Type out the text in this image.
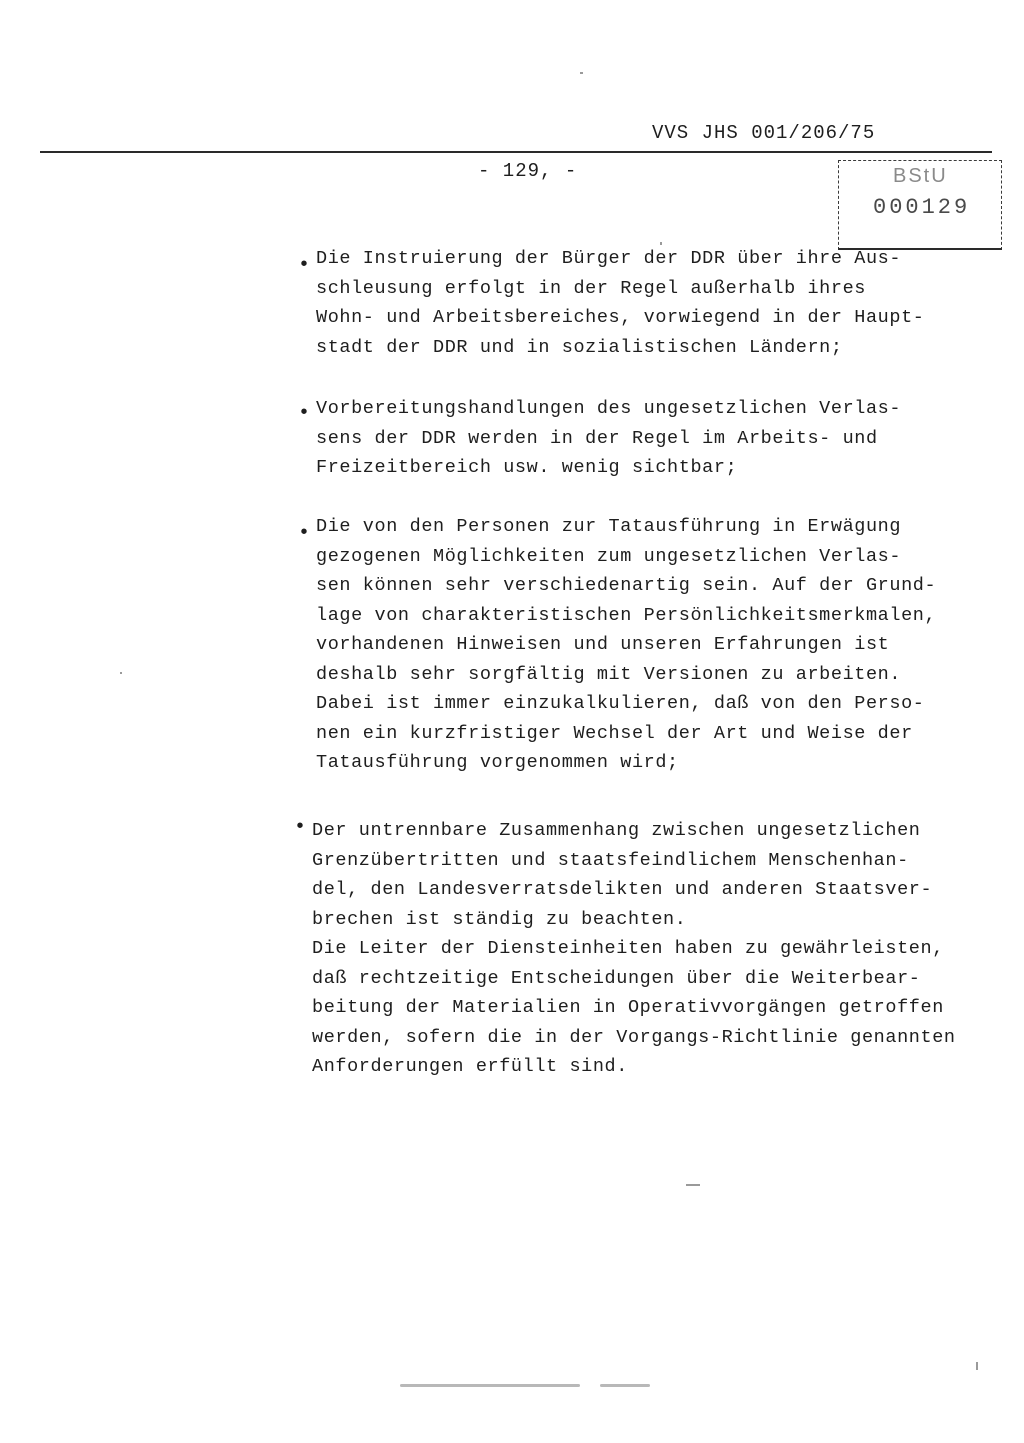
VVS JHS 001/206/75
- 129, -	BStU
000129
• Die Instruierung der Bürger der DDR über ihre Aus-
schleusung erfolgt in der Regel außerhalb ihres
Wohn- und Arbeitsbereiches, vorwiegend in der Haupt-
stadt der DDR und in sozialistischen Ländern;

• Vorbereitungshandlungen des ungesetzlichen Verlas-
sens der DDR werden in der Regel im Arbeits- und
Freizeitbereich usw. wenig sichtbar;

• Die von den Personen zur Tatausführung in Erwägung
gezogenen Möglichkeiten zum ungesetzlichen Verlas-
sen können sehr verschiedenartig sein. Auf der Grund-
lage von charakteristischen Persönlichkeitsmerkmalen,
vorhandenen Hinweisen und unseren Erfahrungen ist
deshalb sehr sorgfältig mit Versionen zu arbeiten.
Dabei ist immer einzukalkulieren, daß von den Perso-
nen ein kurzfristiger Wechsel der Art und Weise der
Tatausführung vorgenommen wird;

• Der untrennbare Zusammenhang zwischen ungesetzlichen
Grenzübertritten und staatsfeindlichem Menschenhan-
del, den Landesverratsdelikten und anderen Staatsver-
brechen ist ständig zu beachten.
Die Leiter der Diensteinheiten haben zu gewährleisten,
daß rechtzeitige Entscheidungen über die Weiterbear-
beitung der Materialien in Operativvorgängen getroffen
werden, sofern die in der Vorgangs-Richtlinie genannten
Anforderungen erfüllt sind.
